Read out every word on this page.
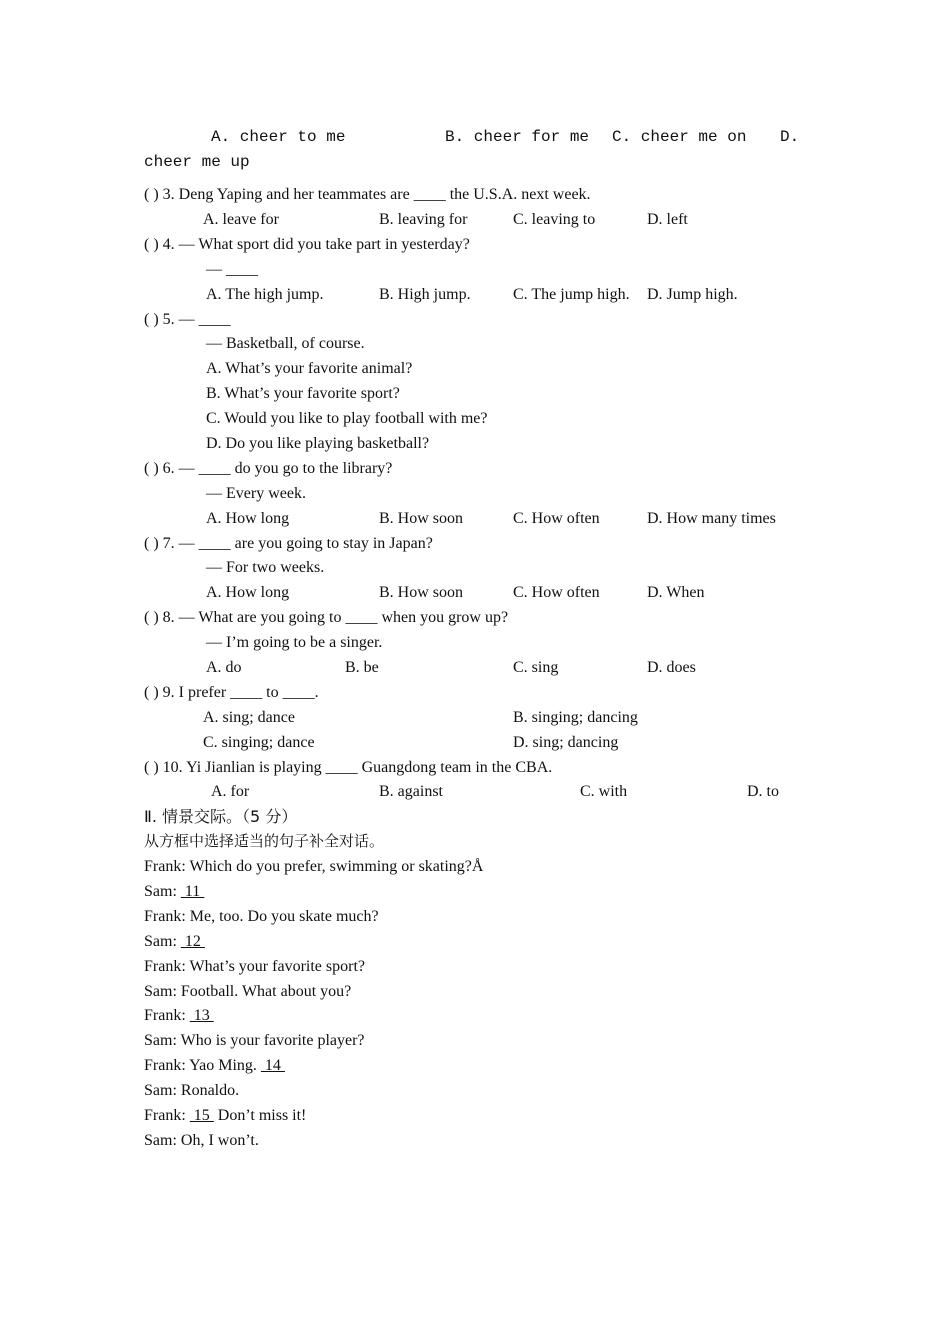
A. cheer to me	B. cheer for me C. cheer me on D.
cheer me up
( ) 3. Deng Yaping and her teammates are ____ the U.S.A. next week.
A. leave for	B. leaving for	C. leaving to	D. left
( ) 4. — What sport did you take part in yesterday?
— ____
A. The high jump.	B. High jump.	C. The jump high. D. Jump high.
( ) 5. — ____
— Basketball, of course.
A. What’s your favorite animal?
B. What’s your favorite sport?
C. Would you like to play football with me?
D. Do you like playing basketball?
( ) 6. — ____ do you go to the library?
— Every week.
A. How long	B. How soon	C. How often	D. How many times
( ) 7. — ____ are you going to stay in Japan?
— For two weeks.
A. How long	B. How soon	C. How often	D. When
( ) 8. — What are you going to ____ when you grow up?
— I’m going to be a singer.
A. do	B. be	C. sing	D. does
( ) 9. I prefer ____ to ____.
A. sing; dance	B. singing; dancing
C. singing; dance	D. sing; dancing
( ) 10. Yi Jianlian is playing ____ Guangdong team in the CBA.
A. for	B. against	C. with	D. to
Ⅱ. 情景交际。（5 分）
从方框中选择适当的句子补全对话。
Frank: Which do you prefer, swimming or skating?Å
Sam:  11
Frank: Me, too. Do you skate much?
Sam:  12
Frank: What’s your favorite sport?
Sam: Football. What about you?
Frank:  13
Sam: Who is your favorite player?
Frank: Yao Ming.  14
Sam: Ronaldo.
Frank:  15  Don’t miss it!
Sam: Oh, I won’t.
